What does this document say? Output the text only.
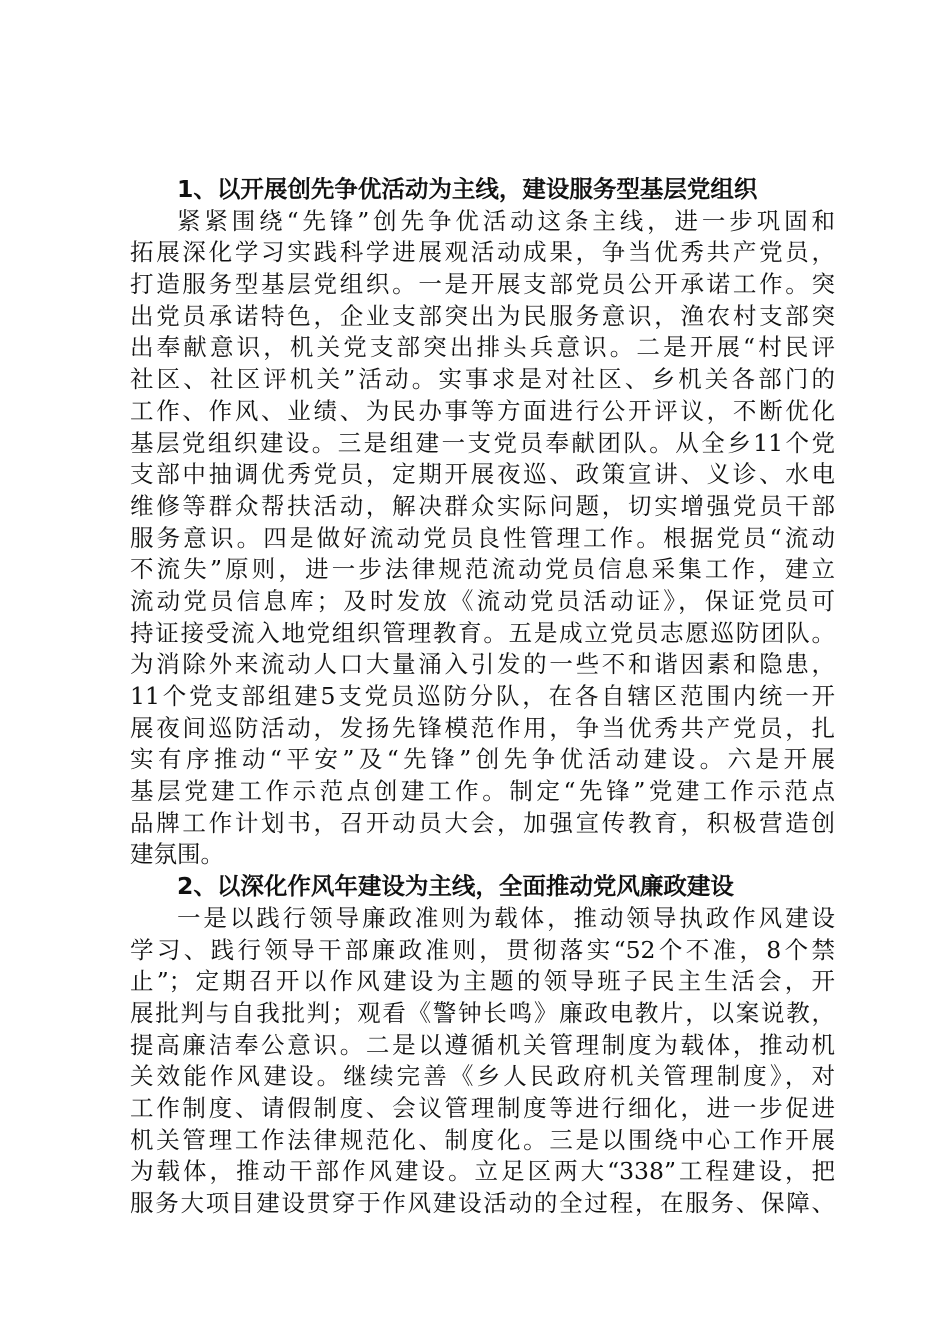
1、以开展创先争优活动为主线，建设服务型基层党组织
紧紧围绕“先锋”创先争优活动这条主线，进一步巩固和
拓展深化学习实践科学进展观活动成果，争当优秀共产党员，
打造服务型基层党组织。一是开展支部党员公开承诺工作。突
出党员承诺特色，企业支部突出为民服务意识，渔农村支部突
出奉献意识，机关党支部突出排头兵意识。二是开展“村民评
社区、社区评机关”活动。实事求是对社区、乡机关各部门的
工作、作风、业绩、为民办事等方面进行公开评议，不断优化
基层党组织建设。三是组建一支党员奉献团队。从全乡11个党
支部中抽调优秀党员，定期开展夜巡、政策宣讲、义诊、水电
维修等群众帮扶活动，解决群众实际问题，切实增强党员干部
服务意识。四是做好流动党员良性管理工作。根据党员“流动
不流失”原则，进一步法律规范流动党员信息采集工作，建立
流动党员信息库；及时发放《流动党员活动证》，保证党员可
持证接受流入地党组织管理教育。五是成立党员志愿巡防团队。
为消除外来流动人口大量涌入引发的一些不和谐因素和隐患，
11个党支部组建5支党员巡防分队，在各自辖区范围内统一开
展夜间巡防活动，发扬先锋模范作用，争当优秀共产党员，扎
实有序推动“平安”及“先锋”创先争优活动建设。六是开展
基层党建工作示范点创建工作。制定“先锋”党建工作示范点
品牌工作计划书，召开动员大会，加强宣传教育，积极营造创
建氛围。
2、以深化作风年建设为主线，全面推动党风廉政建设
一是以践行领导廉政准则为载体，推动领导执政作风建设
学习、践行领导干部廉政准则，贯彻落实“52个不准，8个禁
止”；定期召开以作风建设为主题的领导班子民主生活会，开
展批判与自我批判；观看《警钟长鸣》廉政电教片，以案说教，
提高廉洁奉公意识。二是以遵循机关管理制度为载体，推动机
关效能作风建设。继续完善《乡人民政府机关管理制度》，对
工作制度、请假制度、会议管理制度等进行细化，进一步促进
机关管理工作法律规范化、制度化。三是以围绕中心工作开展
为载体，推动干部作风建设。立足区两大“338”工程建设，把
服务大项目建设贯穿于作风建设活动的全过程，在服务、保障、
